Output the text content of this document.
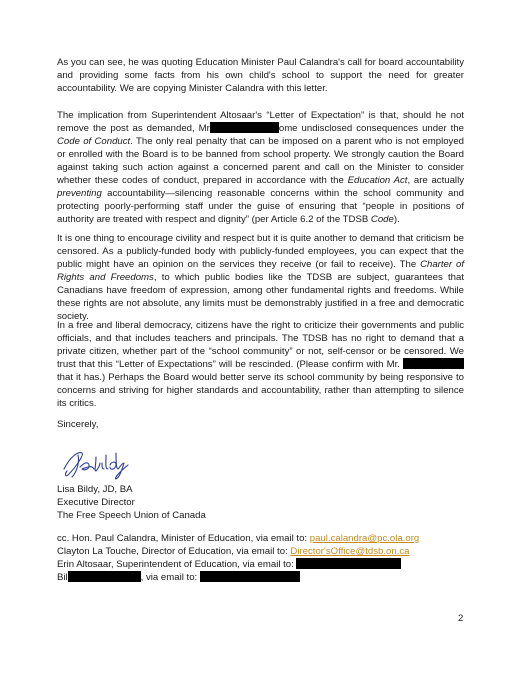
As you can see, he was quoting Education Minister Paul Calandra's call for board accountability and providing some facts from his own child's school to support the need for greater accountability. We are copying Minister Calandra with this letter.

The implication from Superintendent Altosaar's “Letter of Expectation” is that, should he not remove the post as demanded, Mr	ome undisclosed consequences under the Code of Conduct. The only real penalty that can be imposed on a parent who is not employed or enrolled with the Board is to be banned from school property. We strongly caution the Board against taking such action against a concerned parent and call on the Minister to consider whether these codes of conduct, prepared in accordance with the Education Act, are actually preventing accountability—silencing reasonable concerns within the school community and protecting poorly-performing staff under the guise of ensuring that “people in positions of authority are treated with respect and dignity” (per Article 6.2 of the TDSB Code).

It is one thing to encourage civility and respect but it is quite another to demand that criticism be censored. As a publicly-funded body with publicly-funded employees, you can expect that the public might have an opinion on the services they receive (or fail to receive). The Charter of Rights and Freedoms, to which public bodies like the TDSB are subject, guarantees that Canadians have freedom of expression, among other fundamental rights and freedoms. While these rights are not absolute, any limits must be demonstrably justified in a free and democratic society.

In a free and liberal democracy, citizens have the right to criticize their governments and public officials, and that includes teachers and principals. The TDSB has no right to demand that a private citizen, whether part of the “school community” or not, self-censor or be censored. We trust that this “Letter of Expectations” will be rescinded. (Please confirm with Mr.  that it has.) Perhaps the Board would better serve its school community by being responsive to concerns and striving for higher standards and accountability, rather than attempting to silence its critics.

Sincerely,

Lisa Bildy, JD, BA
Executive Director
The Free Speech Union of Canada

cc. Hon. Paul Calandra, Minister of Education, via email to: paul.calandra@pc.ola.org
Clayton La Touche, Director of Education, via email to: Director'sOffice@tdsb.on.ca
Erin Altosaar, Superintendent of Education, via email to:
Bil	, via email to:

2
